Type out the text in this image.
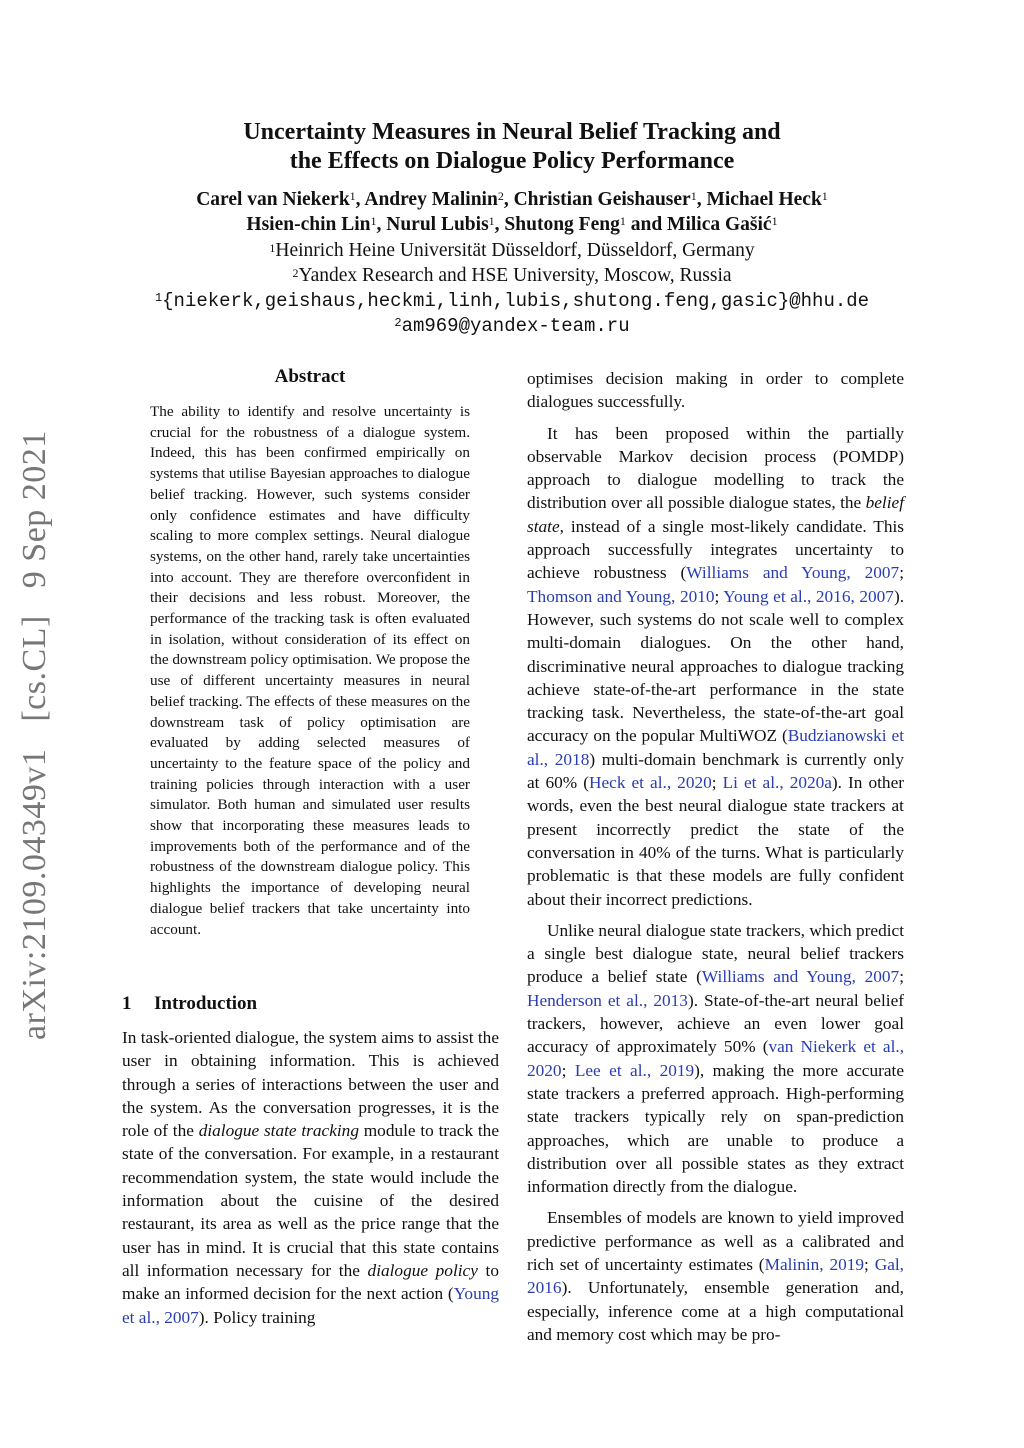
arXiv:2109.04349v1 [cs.CL] 9 Sep 2021
Uncertainty Measures in Neural Belief Tracking and
the Effects on Dialogue Policy Performance
Carel van Niekerk$^1$, Andrey Malinin$^2$, Christian Geishauser$^1$, Michael Heck$^1$
Hsien-chin Lin$^1$, Nurul Lubis$^1$, Shutong Feng$^1$ and Milica Gašić$^1$
$^1$Heinrich Heine Universität Düsseldorf, Düsseldorf, Germany
$^2$Yandex Research and HSE University, Moscow, Russia
$^1${niekerk,geishaus,heckmi,linh,lubis,shutong.feng,gasic}@hhu.de
$^2$am969@yandex-team.ru
Abstract
The ability to identify and resolve uncertainty is crucial for the robustness of a dialogue system. Indeed, this has been confirmed empirically on systems that utilise Bayesian approaches to dialogue belief tracking. However, such systems consider only confidence estimates and have difficulty scaling to more complex settings. Neural dialogue systems, on the other hand, rarely take uncertainties into account. They are therefore overconfident in their decisions and less robust. Moreover, the performance of the tracking task is often evaluated in isolation, without consideration of its effect on the downstream policy optimisation. We propose the use of different uncertainty measures in neural belief tracking. The effects of these measures on the downstream task of policy optimisation are evaluated by adding selected measures of uncertainty to the feature space of the policy and training policies through interaction with a user simulator. Both human and simulated user results show that incorporating these measures leads to improvements both of the performance and of the robustness of the downstream dialogue policy. This highlights the importance of developing neural dialogue belief trackers that take uncertainty into account.
1 Introduction

In task-oriented dialogue, the system aims to assist the user in obtaining information. This is achieved through a series of interactions between the user and the system. As the conversation progresses, it is the role of the dialogue state tracking module to track the state of the conversation. For example, in a restaurant recommendation system, the state would include the information about the cuisine of the desired restaurant, its area as well as the price range that the user has in mind. It is crucial that this state contains all information necessary for the dialogue policy to make an informed decision for the next action (Young et al., 2007). Policy training

optimises decision making in order to complete dialogues successfully.

It has been proposed within the partially observable Markov decision process (POMDP) approach to dialogue modelling to track the distribution over all possible dialogue states, the belief state, instead of a single most-likely candidate. This approach successfully integrates uncertainty to achieve robustness (Williams and Young, 2007; Thomson and Young, 2010; Young et al., 2016, 2007). However, such systems do not scale well to complex multi-domain dialogues. On the other hand, discriminative neural approaches to dialogue tracking achieve state-of-the-art performance in the state tracking task. Nevertheless, the state-of-the-art goal accuracy on the popular MultiWOZ (Budzianowski et al., 2018) multi-domain benchmark is currently only at 60% (Heck et al., 2020; Li et al., 2020a). In other words, even the best neural dialogue state trackers at present incorrectly predict the state of the conversation in 40% of the turns. What is particularly problematic is that these models are fully confident about their incorrect predictions.

Unlike neural dialogue state trackers, which predict a single best dialogue state, neural belief trackers produce a belief state (Williams and Young, 2007; Henderson et al., 2013). State-of-the-art neural belief trackers, however, achieve an even lower goal accuracy of approximately 50% (van Niekerk et al., 2020; Lee et al., 2019), making the more accurate state trackers a preferred approach. High-performing state trackers typically rely on span-prediction approaches, which are unable to produce a distribution over all possible states as they extract information directly from the dialogue.

Ensembles of models are known to yield improved predictive performance as well as a calibrated and rich set of uncertainty estimates (Malinin, 2019; Gal, 2016). Unfortunately, ensemble generation and, especially, inference come at a high computational and memory cost which may be pro-
